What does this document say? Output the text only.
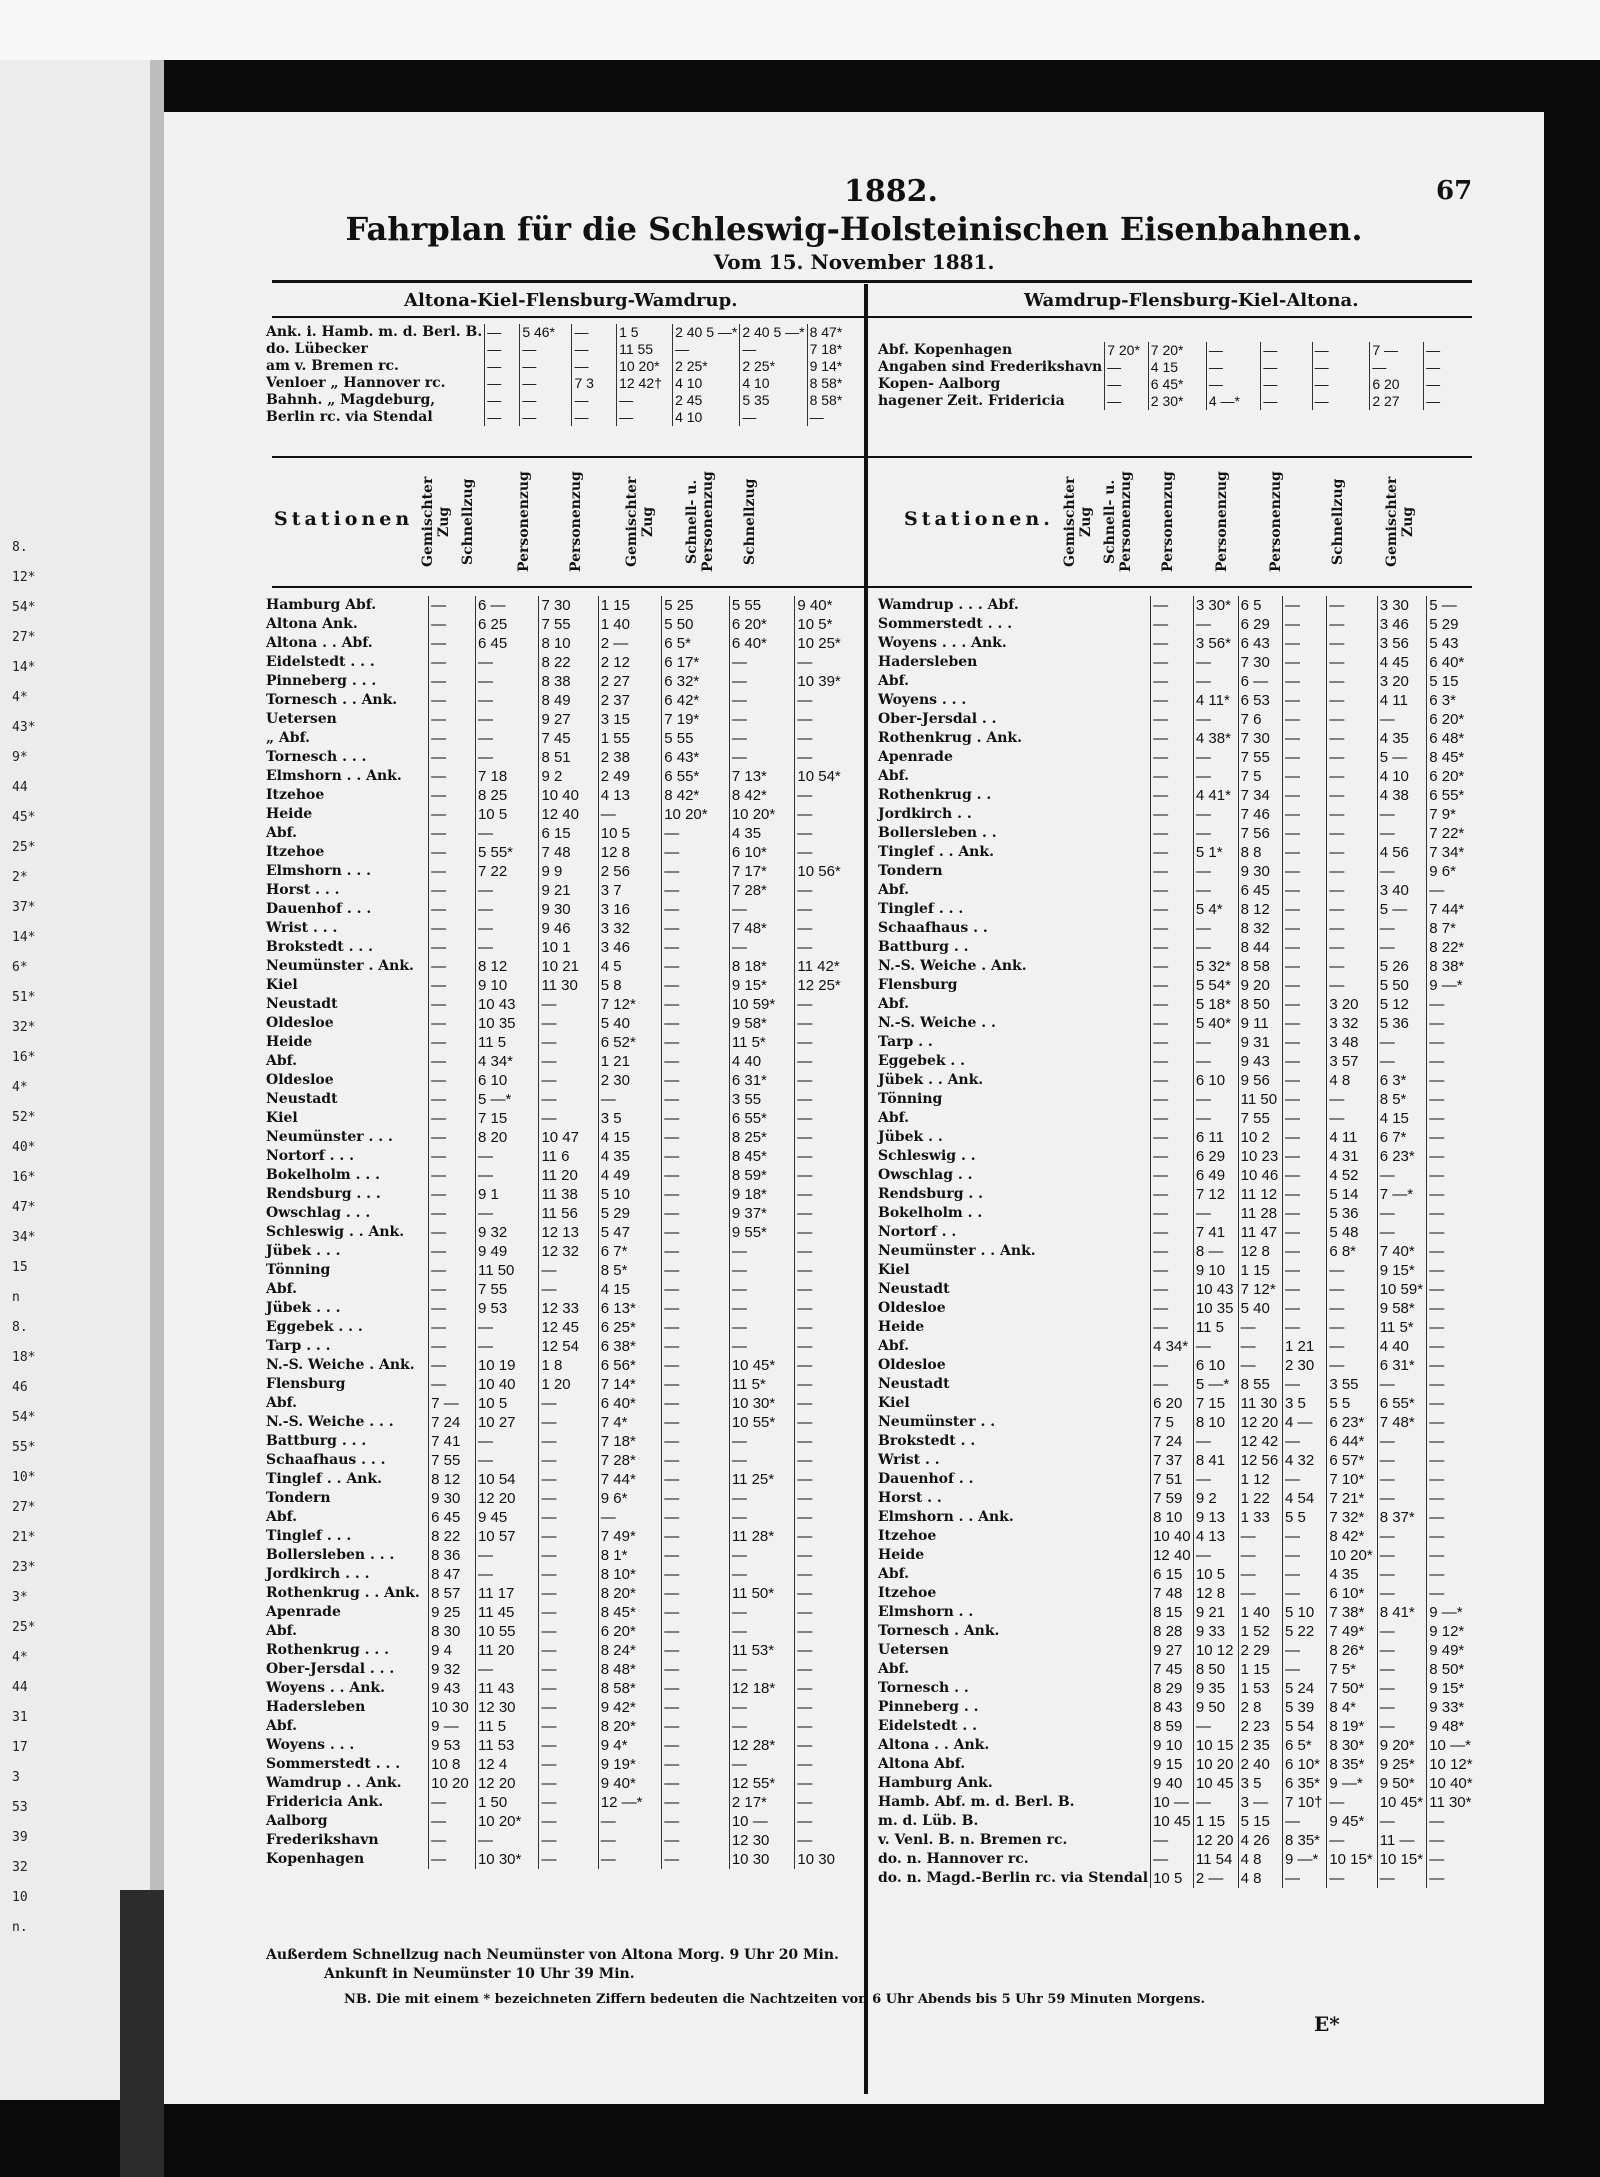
8.
12*
54*
27*
14*
4*
43*
9*
44
45*
25*
2*
37*
14*
6*
51*
32*
16*
4*
52*
40*
16*
47*
34*
15
n
8.
18*
46
54*
55*
10*
27*
21*
23*
3*
25*
4*
44
31
17
3
53
39
32
10
n.
1882.	67
Fahrplan für die Schleswig-Holsteinischen Eisenbahnen.
Vom 15. November 1881.
Altona-Kiel-Flensburg-Wamdrup.	Wamdrup-Flensburg-Kiel-Altona.
Ank. i. Hamb. m. d. Berl. B.	—	5 46*	—	1 5	2 40 5 —*	2 40 5 —*	8 47*
do. Lübecker	—	—	—	11 55	—	—	7 18*
am v. Bremen rc.	—	—	—	10 20*	2 25*	2 25*	9 14*
Venloer „ Hannover rc.	—	—	7 3	12 42†	4 10	4 10	8 58*
Bahnh. „ Magdeburg,	—	—	—	—	2 45	5 35	8 58*
Berlin rc. via Stendal	—	—	—	—	4 10	—	—
Abf. Kopenhagen	7 20*	7 20*	—	—	—	7 —	—
Angaben sind Frederikshavn	—	4 15	—	—	—	—	—
Kopen- Aalborg	—	6 45*	—	—	—	6 20	—
hagener Zeit. Fridericia	—	2 30*	4 —*	—	—	2 27	—
Stationen	Stationen.
Gemischter Zug Schnellzug	Personenzug	Personenzug	Gemischter Zug Schnell- u. Personenzug Schnellzug	Gemischter Zug Schnell- u. Personenzug Personenzug	Personenzug	Personenzug	Schnellzug	Gemischter Zug
Hamburg Abf.	—	6 —	7 30	1 15	5 25	5 55	9 40*
Altona Ank.	—	6 25	7 55	1 40	5 50	6 20*	10 5*
Altona . . Abf.	—	6 45	8 10	2 —	6 5*	6 40*	10 25*
Eidelstedt . . .	—	—	8 22	2 12	6 17*	—	—
Pinneberg . . .	—	—	8 38	2 27	6 32*	—	10 39*
Tornesch . . Ank.	—	—	8 49	2 37	6 42*	—	—
Uetersen	—	—	9 27	3 15	7 19*	—	—
„ Abf.	—	—	7 45	1 55	5 55	—	—
Tornesch . . .	—	—	8 51	2 38	6 43*	—	—
Elmshorn . . Ank.	—	7 18	9 2	2 49	6 55*	7 13*	10 54*
Itzehoe	—	8 25	10 40	4 13	8 42*	8 42*	—
Heide	—	10 5	12 40	—	10 20*	10 20*	—
Abf.	—	—	6 15	10 5	—	4 35	—
Itzehoe	—	5 55*	7 48	12 8	—	6 10*	—
Elmshorn . . .	—	7 22	9 9	2 56	—	7 17*	10 56*
Horst . . .	—	—	9 21	3 7	—	7 28*	—
Dauenhof . . .	—	—	9 30	3 16	—	—	—
Wrist . . .	—	—	9 46	3 32	—	7 48*	—
Brokstedt . . .	—	—	10 1	3 46	—	—	—
Neumünster . Ank.	—	8 12	10 21	4 5	—	8 18*	11 42*
Kiel	—	9 10	11 30	5 8	—	9 15*	12 25*
Neustadt	—	10 43	—	7 12*	—	10 59*	—
Oldesloe	—	10 35	—	5 40	—	9 58*	—
Heide	—	11 5	—	6 52*	—	11 5*	—
Abf.	—	4 34*	—	1 21	—	4 40	—
Oldesloe	—	6 10	—	2 30	—	6 31*	—
Neustadt	—	5 —*	—	—	—	3 55	—
Kiel	—	7 15	—	3 5	—	6 55*	—
Neumünster . . .	—	8 20	10 47	4 15	—	8 25*	—
Nortorf . . .	—	—	11 6	4 35	—	8 45*	—
Bokelholm . . .	—	—	11 20	4 49	—	8 59*	—
Rendsburg . . .	—	9 1	11 38	5 10	—	9 18*	—
Owschlag . . .	—	—	11 56	5 29	—	9 37*	—
Schleswig . . Ank.	—	9 32	12 13	5 47	—	9 55*	—
Jübek . . .	—	9 49	12 32	6 7*	—	—	—
Tönning	—	11 50	—	8 5*	—	—	—
Abf.	—	7 55	—	4 15	—	—	—
Jübek . . .	—	9 53	12 33	6 13*	—	—	—
Eggebek . . .	—	—	12 45	6 25*	—	—	—
Tarp . . .	—	—	12 54	6 38*	—	—	—
N.-S. Weiche . Ank.	—	10 19	1 8	6 56*	—	10 45*	—
Flensburg	—	10 40	1 20	7 14*	—	11 5*	—
Abf.	7 —	10 5	—	6 40*	—	10 30*	—
N.-S. Weiche . . .	7 24	10 27	—	7 4*	—	10 55*	—
Battburg . . .	7 41	—	—	7 18*	—	—	—
Schaafhaus . . .	7 55	—	—	7 28*	—	—	—
Tinglef . . Ank.	8 12	10 54	—	7 44*	—	11 25*	—
Tondern	9 30	12 20	—	9 6*	—	—	—
Abf.	6 45	9 45	—	—	—	—	—
Tinglef . . .	8 22	10 57	—	7 49*	—	11 28*	—
Bollersleben . . .	8 36	—	—	8 1*	—	—	—
Jordkirch . . .	8 47	—	—	8 10*	—	—	—
Rothenkrug . . Ank.	8 57	11 17	—	8 20*	—	11 50*	—
Apenrade	9 25	11 45	—	8 45*	—	—	—
Abf.	8 30	10 55	—	6 20*	—	—	—
Rothenkrug . . .	9 4	11 20	—	8 24*	—	11 53*	—
Ober-Jersdal . . .	9 32	—	—	8 48*	—	—	—
Woyens . . Ank.	9 43	11 43	—	8 58*	—	12 18*	—
Hadersleben	10 30	12 30	—	9 42*	—	—	—
Abf.	9 —	11 5	—	8 20*	—	—	—
Woyens . . .	9 53	11 53	—	9 4*	—	12 28*	—
Sommerstedt . . .	10 8	12 4	—	9 19*	—	—	—
Wamdrup . . Ank.	10 20	12 20	—	9 40*	—	12 55*	—
Fridericia Ank.	—	1 50	—	12 —*	—	2 17*	—
Aalborg	—	10 20*	—	—	—	10 —	—
Frederikshavn	—	—	—	—	—	12 30	—
Kopenhagen	—	10 30*	—	—	—	10 30	10 30
Wamdrup . . . Abf.	—	3 30*	6 5	—	—	3 30	5 —
Sommerstedt . . .	—	—	6 29	—	—	3 46	5 29
Woyens . . . Ank.	—	3 56*	6 43	—	—	3 56	5 43
Hadersleben	—	—	7 30	—	—	4 45	6 40*
Abf.	—	—	6 —	—	—	3 20	5 15
Woyens . . .	—	4 11*	6 53	—	—	4 11	6 3*
Ober-Jersdal . .	—	—	7 6	—	—	—	6 20*
Rothenkrug . Ank.	—	4 38*	7 30	—	—	4 35	6 48*
Apenrade	—	—	7 55	—	—	5 —	8 45*
Abf.	—	—	7 5	—	—	4 10	6 20*
Rothenkrug . .	—	4 41*	7 34	—	—	4 38	6 55*
Jordkirch . .	—	—	7 46	—	—	—	7 9*
Bollersleben . .	—	—	7 56	—	—	—	7 22*
Tinglef . . Ank.	—	5 1*	8 8	—	—	4 56	7 34*
Tondern	—	—	9 30	—	—	—	9 6*
Abf.	—	—	6 45	—	—	3 40	—
Tinglef . . .	—	5 4*	8 12	—	—	5 —	7 44*
Schaafhaus . .	—	—	8 32	—	—	—	8 7*
Battburg . .	—	—	8 44	—	—	—	8 22*
N.-S. Weiche . Ank.	—	5 32*	8 58	—	—	5 26	8 38*
Flensburg	—	5 54*	9 20	—	—	5 50	9 —*
Abf.	—	5 18*	8 50	—	3 20	5 12	—
N.-S. Weiche . .	—	5 40*	9 11	—	3 32	5 36	—
Tarp . .	—	—	9 31	—	3 48	—	—
Eggebek . .	—	—	9 43	—	3 57	—	—
Jübek . . Ank.	—	6 10	9 56	—	4 8	6 3*	—
Tönning	—	—	11 50	—	—	8 5*	—
Abf.	—	—	7 55	—	—	4 15	—
Jübek . .	—	6 11	10 2	—	4 11	6 7*	—
Schleswig . .	—	6 29	10 23	—	4 31	6 23*	—
Owschlag . .	—	6 49	10 46	—	4 52	—	—
Rendsburg . .	—	7 12	11 12	—	5 14	7 —*	—
Bokelholm . .	—	—	11 28	—	5 36	—	—
Nortorf . .	—	7 41	11 47	—	5 48	—	—
Neumünster . . Ank.	—	8 —	12 8	—	6 8*	7 40*	—
Kiel	—	9 10	1 15	—	—	9 15*	—
Neustadt	—	10 43	7 12*	—	—	10 59*	—
Oldesloe	—	10 35	5 40	—	—	9 58*	—
Heide	—	11 5	—	—	—	11 5*	—
Abf.	4 34*	—	—	1 21	—	4 40	—
Oldesloe	—	6 10	—	2 30	—	6 31*	—
Neustadt	—	5 —*	8 55	—	3 55	—	—
Kiel	6 20	7 15	11 30	3 5	5 5	6 55*	—
Neumünster . .	7 5	8 10	12 20	4 —	6 23*	7 48*	—
Brokstedt . .	7 24	—	12 42	—	6 44*	—	—
Wrist . .	7 37	8 41	12 56	4 32	6 57*	—	—
Dauenhof . .	7 51	—	1 12	—	7 10*	—	—
Horst . .	7 59	9 2	1 22	4 54	7 21*	—	—
Elmshorn . . Ank.	8 10	9 13	1 33	5 5	7 32*	8 37*	—
Itzehoe	10 40	4 13	—	—	8 42*	—	—
Heide	12 40	—	—	—	10 20*	—	—
Abf.	6 15	10 5	—	—	4 35	—	—
Itzehoe	7 48	12 8	—	—	6 10*	—	—
Elmshorn . .	8 15	9 21	1 40	5 10	7 38*	8 41*	9 —*
Tornesch . Ank.	8 28	9 33	1 52	5 22	7 49*	—	9 12*
Uetersen	9 27	10 12	2 29	—	8 26*	—	9 49*
Abf.	7 45	8 50	1 15	—	7 5*	—	8 50*
Tornesch . .	8 29	9 35	1 53	5 24	7 50*	—	9 15*
Pinneberg . .	8 43	9 50	2 8	5 39	8 4*	—	9 33*
Eidelstedt . .	8 59	—	2 23	5 54	8 19*	—	9 48*
Altona . . Ank.	9 10	10 15	2 35	6 5*	8 30*	9 20*	10 —*
Altona Abf.	9 15	10 20	2 40	6 10*	8 35*	9 25*	10 12*
Hamburg Ank.	9 40	10 45	3 5	6 35*	9 —*	9 50*	10 40*
Hamb. Abf. m. d. Berl. B.	10 —	—	3 —	7 10†	—	10 45*	11 30*
m. d. Lüb. B.	10 45	1 15	5 15	—	9 45*	—	—
v. Venl. B. n. Bremen rc.	—	12 20	4 26	8 35*	—	11 —	—
do. n. Hannover rc.	—	11 54	4 8	9 —*	10 15*	10 15*	—
do. n. Magd.-Berlin rc. via Stendal	10 5	2 —	4 8	—	—	—	—
Außerdem Schnellzug nach Neumünster von Altona Morg. 9 Uhr 20 Min.
Ankunft in Neumünster 10 Uhr 39 Min.
NB. Die mit einem * bezeichneten Ziffern bedeuten die Nachtzeiten von 6 Uhr Abends bis 5 Uhr 59 Minuten Morgens.
E*
